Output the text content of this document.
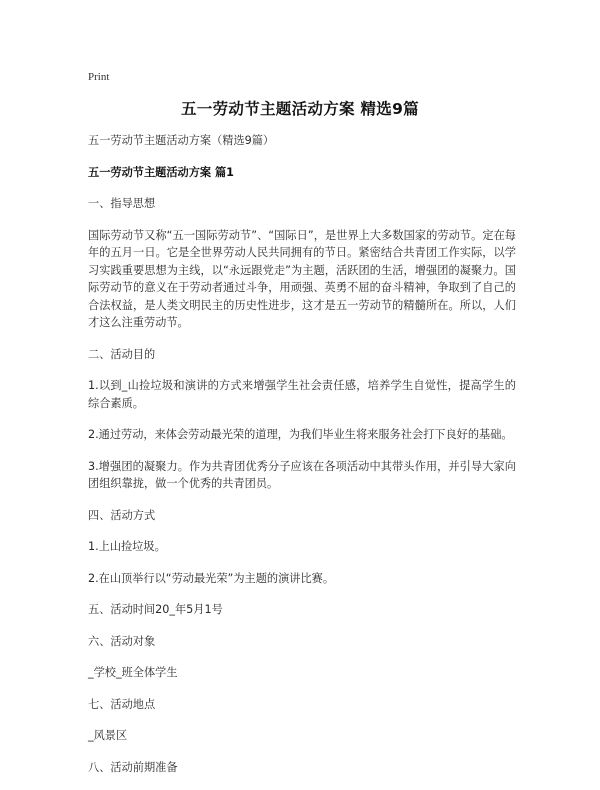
Print
五一劳动节主题活动方案 精选9篇

五一劳动节主题活动方案（精选9篇）

五一劳动节主题活动方案 篇1

一、指导思想

国际劳动节又称“五一国际劳动节”、“国际日”，是世界上大多数国家的劳动节。定在每年的五月一日。它是全世界劳动人民共同拥有的节日。紧密结合共青团工作实际，以学习实践重要思想为主线，以“永远跟党走”为主题，活跃团的生活，增强团的凝聚力。国际劳动节的意义在于劳动者通过斗争，用顽强、英勇不屈的奋斗精神，争取到了自己的合法权益，是人类文明民主的历史性进步，这才是五一劳动节的精髓所在。所以，人们才这么注重劳动节。

二、活动目的

1.以到_山捡垃圾和演讲的方式来增强学生社会责任感，培养学生自觉性，提高学生的综合素质。

2.通过劳动，来体会劳动最光荣的道理，为我们毕业生将来服务社会打下良好的基础。

3.增强团的凝聚力。作为共青团优秀分子应该在各项活动中其带头作用，并引导大家向团组织靠拢，做一个优秀的共青团员。

四、活动方式

1.上山捡垃圾。

2.在山顶举行以“劳动最光荣”为主题的演讲比赛。

五、活动时间20_年5月1号

六、活动对象

_学校_班全体学生

七、活动地点

_风景区

八、活动前期准备
